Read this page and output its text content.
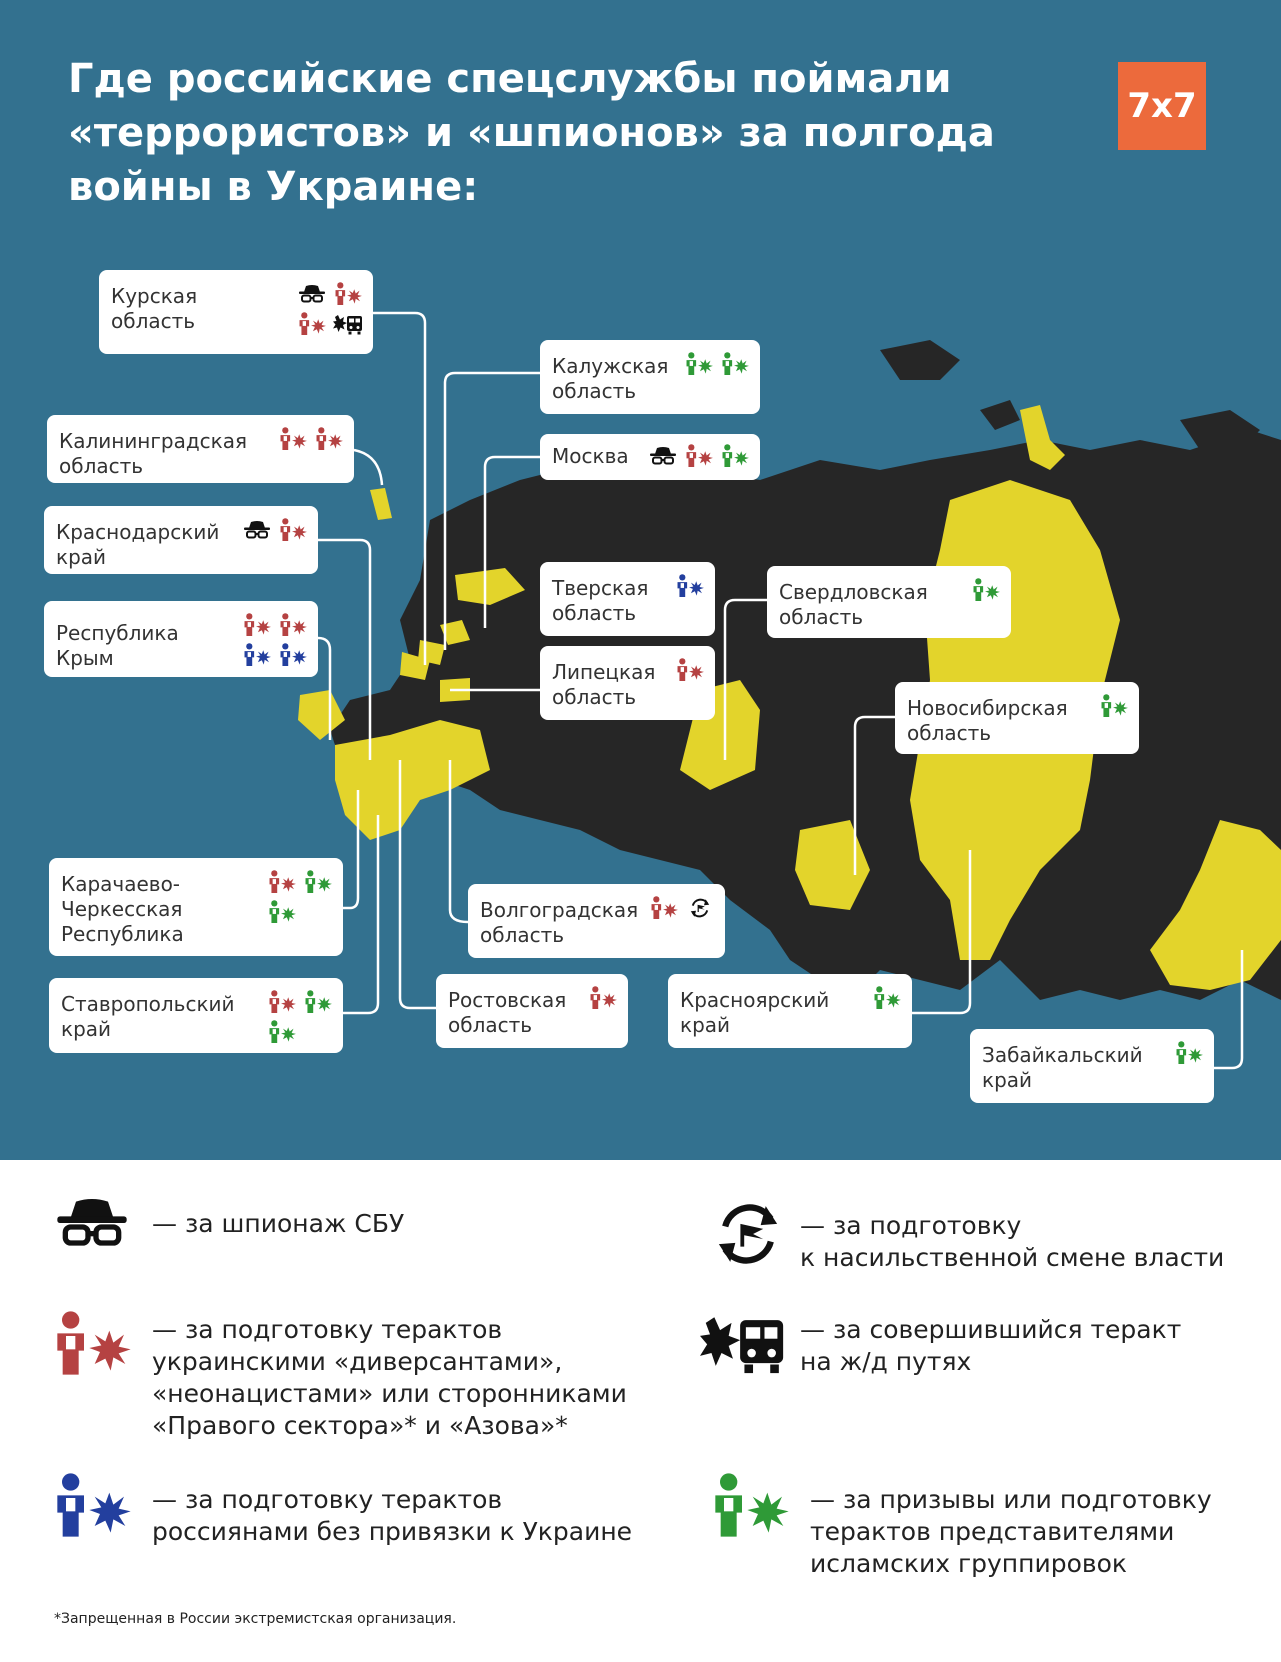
Где российские спецслужбы поймали «террористов» и «шпионов» за полгода войны в Украине:
7x7
Курская
область
Калужская
область
Калининградская
область	Москва
Краснодарский
край
Тверская
область
Свердловская
область
Республика
Крым
Липецкая
область	Новосибирская
область
Карачаево-
Черкесская
Республика
Волгоградская
область
Ставропольский
край
Ростовская
область
Красноярский
край
Забайкальский
край
— за шпионаж СБУ	— за подготовку
к насильственной смене власти
— за подготовку терактов
украинскими «диверсантами»,
«неонацистами» или сторонниками
«Правого сектора»* и «Азова»*
— за совершившийся теракт
на ж/д путях
— за подготовку терактов
россиянами без привязки к Украине
— за призывы или подготовку
терактов представителями
исламских группировок
*Запрещенная в России экстремистская организация.
